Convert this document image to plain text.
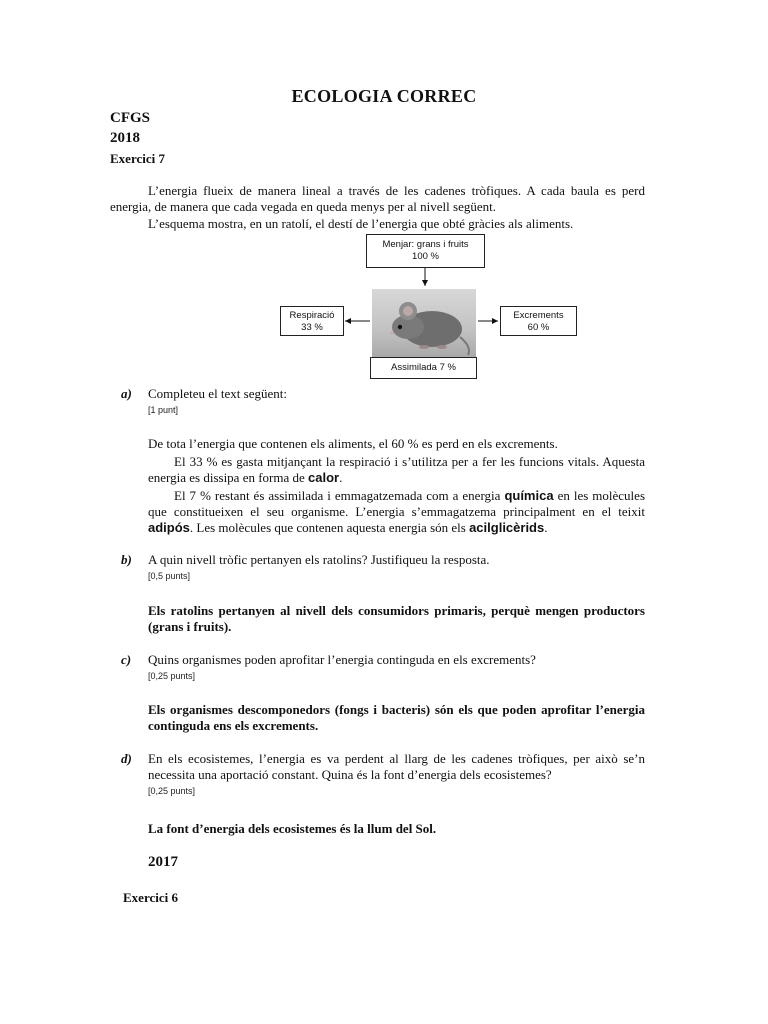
ECOLOGIA CORREC
CFGS
2018
Exercici 7
L’energia flueix de manera lineal a través de les cadenes tròfiques. A cada baula es perd energia, de manera que cada vegada en queda menys per al nivell següent.
L’esquema mostra, en un ratolí, el destí de l’energia que obté gràcies als aliments.
Menjar: grans i fruits
100 %
Respiració
33 %
Excrements
60 %
Assimilada 7 %
a) Completeu el text següent:
[1 punt]
De tota l’energia que contenen els aliments, el 60 % es perd en els excrements.
El 33 % es gasta mitjançant la respiració i s’utilitza per a fer les funcions vitals. Aquesta energia es dissipa en forma de calor.
El 7 % restant és assimilada i emmagatzemada com a energia química en les molècules que constitueixen el seu organisme. L’energia s’emmagatzema principalment en el teixit adipós. Les molècules que contenen aquesta energia són els acilglicèrids.
b) A quin nivell tròfic pertanyen els ratolins? Justifiqueu la resposta.
[0,5 punts]
Els ratolins pertanyen al nivell dels consumidors primaris, perquè mengen productors (grans i fruits).
c) Quins organismes poden aprofitar l’energia continguda en els excrements?
[0,25 punts]
Els organismes descomponedors (fongs i bacteris) són els que poden aprofitar l’energia continguda ens els excrements.
d) En els ecosistemes, l’energia es va perdent al llarg de les cadenes tròfiques, per això se’n necessita una aportació constant. Quina és la font d’energia dels ecosistemes?
[0,25 punts]
La font d’energia dels ecosistemes és la llum del Sol.
2017
Exercici 6
